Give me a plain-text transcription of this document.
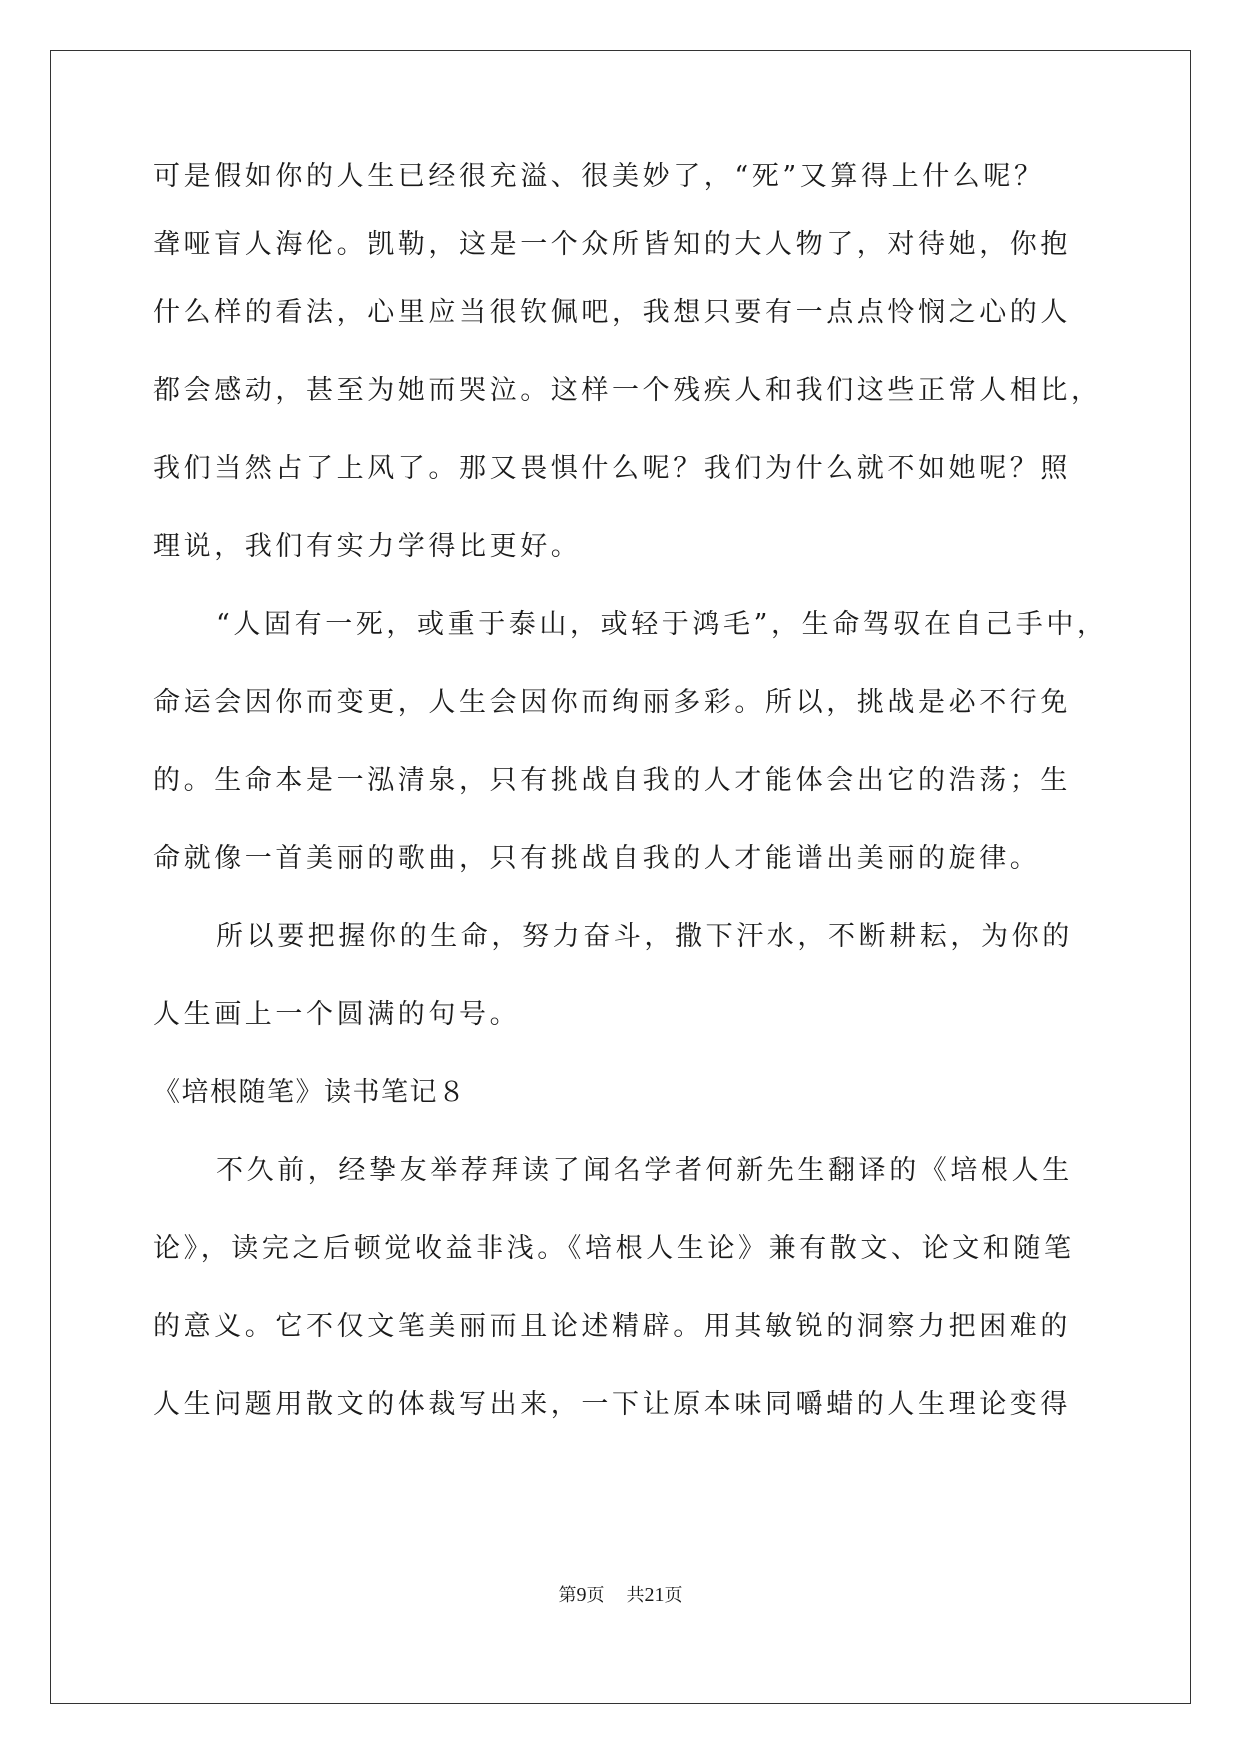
可是假如你的人生已经很充溢、很美妙了，“死”又算得上什么呢？
聋哑盲人海伦。凯勒，这是一个众所皆知的大人物了，对待她，你抱
什么样的看法，心里应当很钦佩吧，我想只要有一点点怜悯之心的人
都会感动，甚至为她而哭泣。这样一个残疾人和我们这些正常人相比，
我们当然占了上风了。那又畏惧什么呢？我们为什么就不如她呢？照
理说，我们有实力学得比更好。
“人固有一死，或重于泰山，或轻于鸿毛”，生命驾驭在自己手中，
命运会因你而变更，人生会因你而绚丽多彩。所以，挑战是必不行免
的。生命本是一泓清泉，只有挑战自我的人才能体会出它的浩荡；生
命就像一首美丽的歌曲，只有挑战自我的人才能谱出美丽的旋律。
所以要把握你的生命，努力奋斗，撒下汗水，不断耕耘，为你的
人生画上一个圆满的句号。
《培根随笔》读书笔记８
不久前，经挚友举荐拜读了闻名学者何新先生翻译的《培根人生
论》，读完之后顿觉收益非浅。《培根人生论》兼有散文、论文和随笔
的意义。它不仅文笔美丽而且论述精辟。用其敏锐的洞察力把困难的
人生问题用散文的体裁写出来，一下让原本味同嚼蜡的人生理论变得
第9页 共21页
